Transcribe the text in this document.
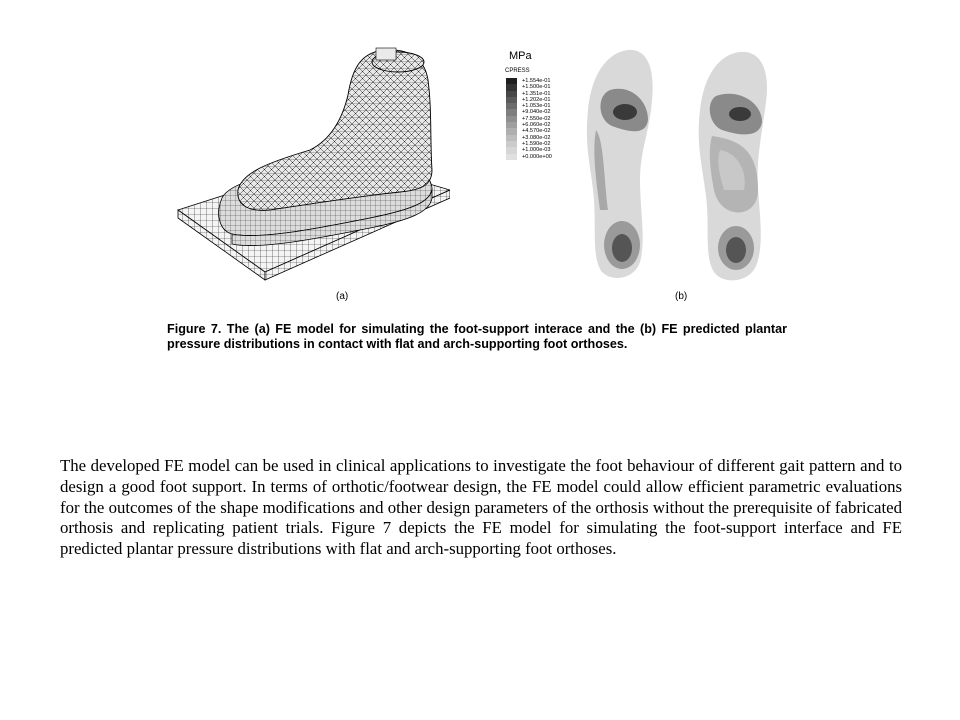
MPa
CPRESS
+1.554e-01
+1.500e-01
+1.351e-01
+1.202e-01
+1.053e-01
+9.040e-02
+7.550e-02
+6.060e-02
+4.570e-02
+3.080e-02
+1.590e-02
+1.000e-03
+0.000e+00
(a)	(b)

Figure 7. The (a) FE model for simulating the foot-support interace and the (b) FE predicted plantar pressure distributions in contact with flat and arch-supporting foot orthoses.

The developed FE model can be used in clinical applications to investigate the foot behaviour of different gait pattern and to design a good foot support. In terms of orthotic/footwear design, the FE model could allow efficient parametric evaluations for the outcomes of the shape modifications and other design parameters of the orthosis without the prerequisite of fabricated orthosis and replicating patient trials. Figure 7 depicts the FE model for simulating the foot-support interface and FE predicted plantar pressure distributions with flat and arch-supporting foot orthoses.
